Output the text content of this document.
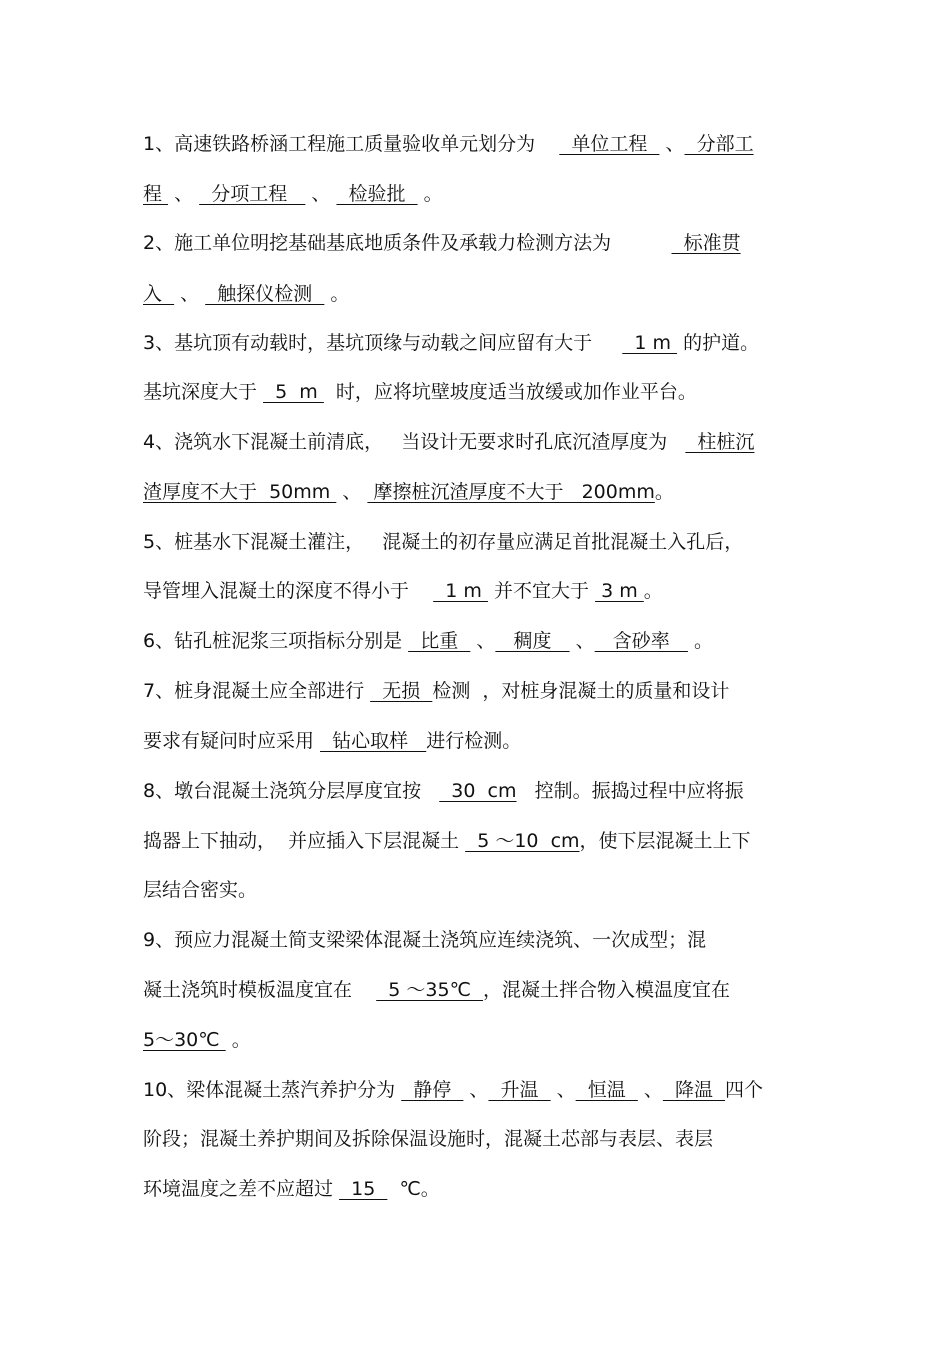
1、高速铁路桥涵工程施工质量验收单元划分为      单位工程   、  分部工
程  、   分项工程    、   检验批   。
2、施工单位明挖基础基底地质条件及承载力检测方法为	标准贯
入   、   触探仪检测   。
3、基坑顶有动载时，基坑顶缘与动载之间应留有大于       1 m  的护道。
基坑深度大于   5  m   时，应将坑壁坡度适当放缓或加作业平台。
4、浇筑水下混凝土前清底，   当设计无要求时孔底沉渣厚度为     柱桩沉
渣厚度不大于  50mm  、  摩擦桩沉渣厚度不大于   200mm。
5、桩基水下混凝土灌注，   混凝土的初存量应满足首批混凝土入孔后，
导管埋入混凝土的深度不得小于      1 m  并不宜大于  3 m 。
6、钻孔桩泥浆三项指标分别是   比重   、   稠度    、   含砂率    。
7、桩身混凝土应全部进行   无损  检测  ，对桩身混凝土的质量和设计
要求有疑问时应采用   钻心取样   进行检测。
8、墩台混凝土浇筑分层厚度宜按     30  cm   控制。振捣过程中应将振
捣器上下抽动，  并应插入下层混凝土   5 ～10  cm，使下层混凝土上下
层结合密实。
9、预应力混凝土简支梁梁体混凝土浇筑应连续浇筑、一次成型；混
凝土浇筑时模板温度宜在      5 ～35℃  ，混凝土拌合物入模温度宜在
5～30℃  。
10、梁体混凝土蒸汽养护分为   静停   、  升温   、  恒温   、  降温  四个
阶段；混凝土养护期间及拆除保温设施时，混凝土芯部与表层、表层
环境温度之差不应超过   15    ℃。
